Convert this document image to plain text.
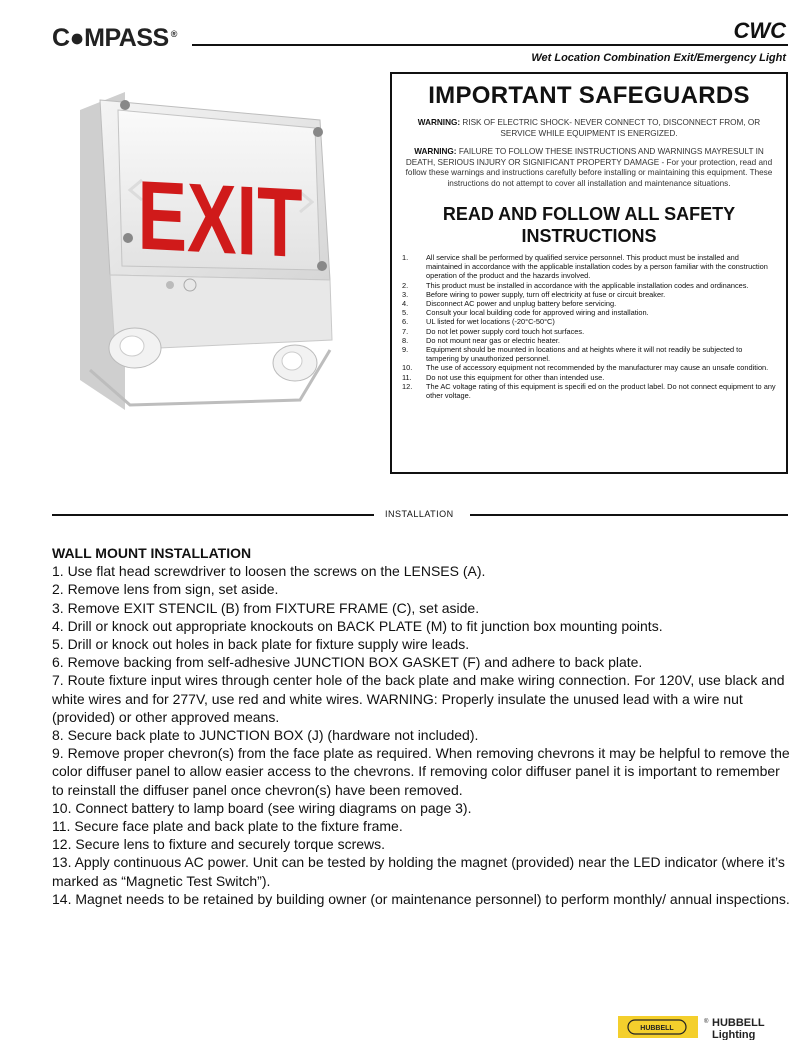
C●MPASS ®	CWC
Wet Location Combination Exit/Emergency Light
EXIT
IMPORTANT SAFEGUARDS
WARNING: RISK OF ELECTRIC SHOCK- NEVER CONNECT TO, DISCONNECT FROM, OR SERVICE WHILE EQUIPMENT IS ENERGIZED.
WARNING: FAILURE TO FOLLOW THESE INSTRUCTIONS AND WARNINGS MAYRESULT IN DEATH, SERIOUS INJURY OR SIGNIFICANT PROPERTY DAMAGE - For your protection, read and follow these warnings and instructions carefully before installing or maintaining this equipment. These instructions do not attempt to cover all installation and maintenance situations.
READ AND FOLLOW ALL SAFETY INSTRUCTIONS
1.	All service shall be performed by qualified service personnel. This product must be installed and maintained in accordance with the applicable installation codes by a person familiar with the construction operation of the product and the hazards involved.
2.	This product must be installed in accordance with the applicable installation codes and ordinances.
3.	Before wiring to power supply, turn off electricity at fuse or circuit breaker.
4.	Disconnect AC power and unplug battery before servicing.
5.	Consult your local building code for approved wiring and installation.
6.	UL listed for wet locations (-20°C-50°C)
7.	Do not let power supply cord touch hot surfaces.
8.	Do not mount near gas or electric heater.
9.	Equipment should be mounted in locations and at heights where it will not readily be subjected to tampering by unauthorized personnel.
10.	The use of accessory equipment not recommended by the manufacturer may cause an unsafe condition.
11.	Do not use this equipment for other than intended use.
12.	The AC voltage rating of this equipment is specifi ed on the product label. Do not connect equipment to any other voltage.
INSTALLATION
WALL MOUNT INSTALLATION

1. Use flat head screwdriver to loosen the screws on the LENSES (A).

2. Remove lens from sign, set aside.

3. Remove EXIT STENCIL (B) from FIXTURE FRAME (C), set aside.

4. Drill or knock out appropriate knockouts on BACK PLATE (M) to fit junction box mounting points.

5. Drill or knock out holes in back plate for fixture supply wire leads.

6. Remove backing from self-adhesive JUNCTION BOX GASKET (F) and adhere to back plate.

7. Route fixture input wires through center hole of the back plate and make wiring connection. For 120V, use black and white wires and for 277V, use red and white wires. WARNING: Properly insulate the unused lead with a wire nut (provided) or other approved means.

8. Secure back plate to JUNCTION BOX (J) (hardware not included).

9. Remove proper chevron(s) from the face plate as required. When removing chevrons it may be helpful to remove the color diffuser panel to allow easier access to the chevrons. If removing color diffuser panel it is important to remember to reinstall the diffuser panel once chevron(s) have been removed.

10. Connect battery to lamp board (see wiring diagrams on page 3).

11. Secure face plate and back plate to the fixture frame.

12. Secure lens to fixture and securely torque screws.

13. Apply continuous AC power. Unit can be tested by holding the magnet (provided) near the LED indicator (where it’s marked as “Magnetic Test Switch”).

14. Magnet needs to be retained by building owner (or maintenance personnel) to perform monthly/ annual inspections.

HUBBELL
® HUBBELL
Lighting
